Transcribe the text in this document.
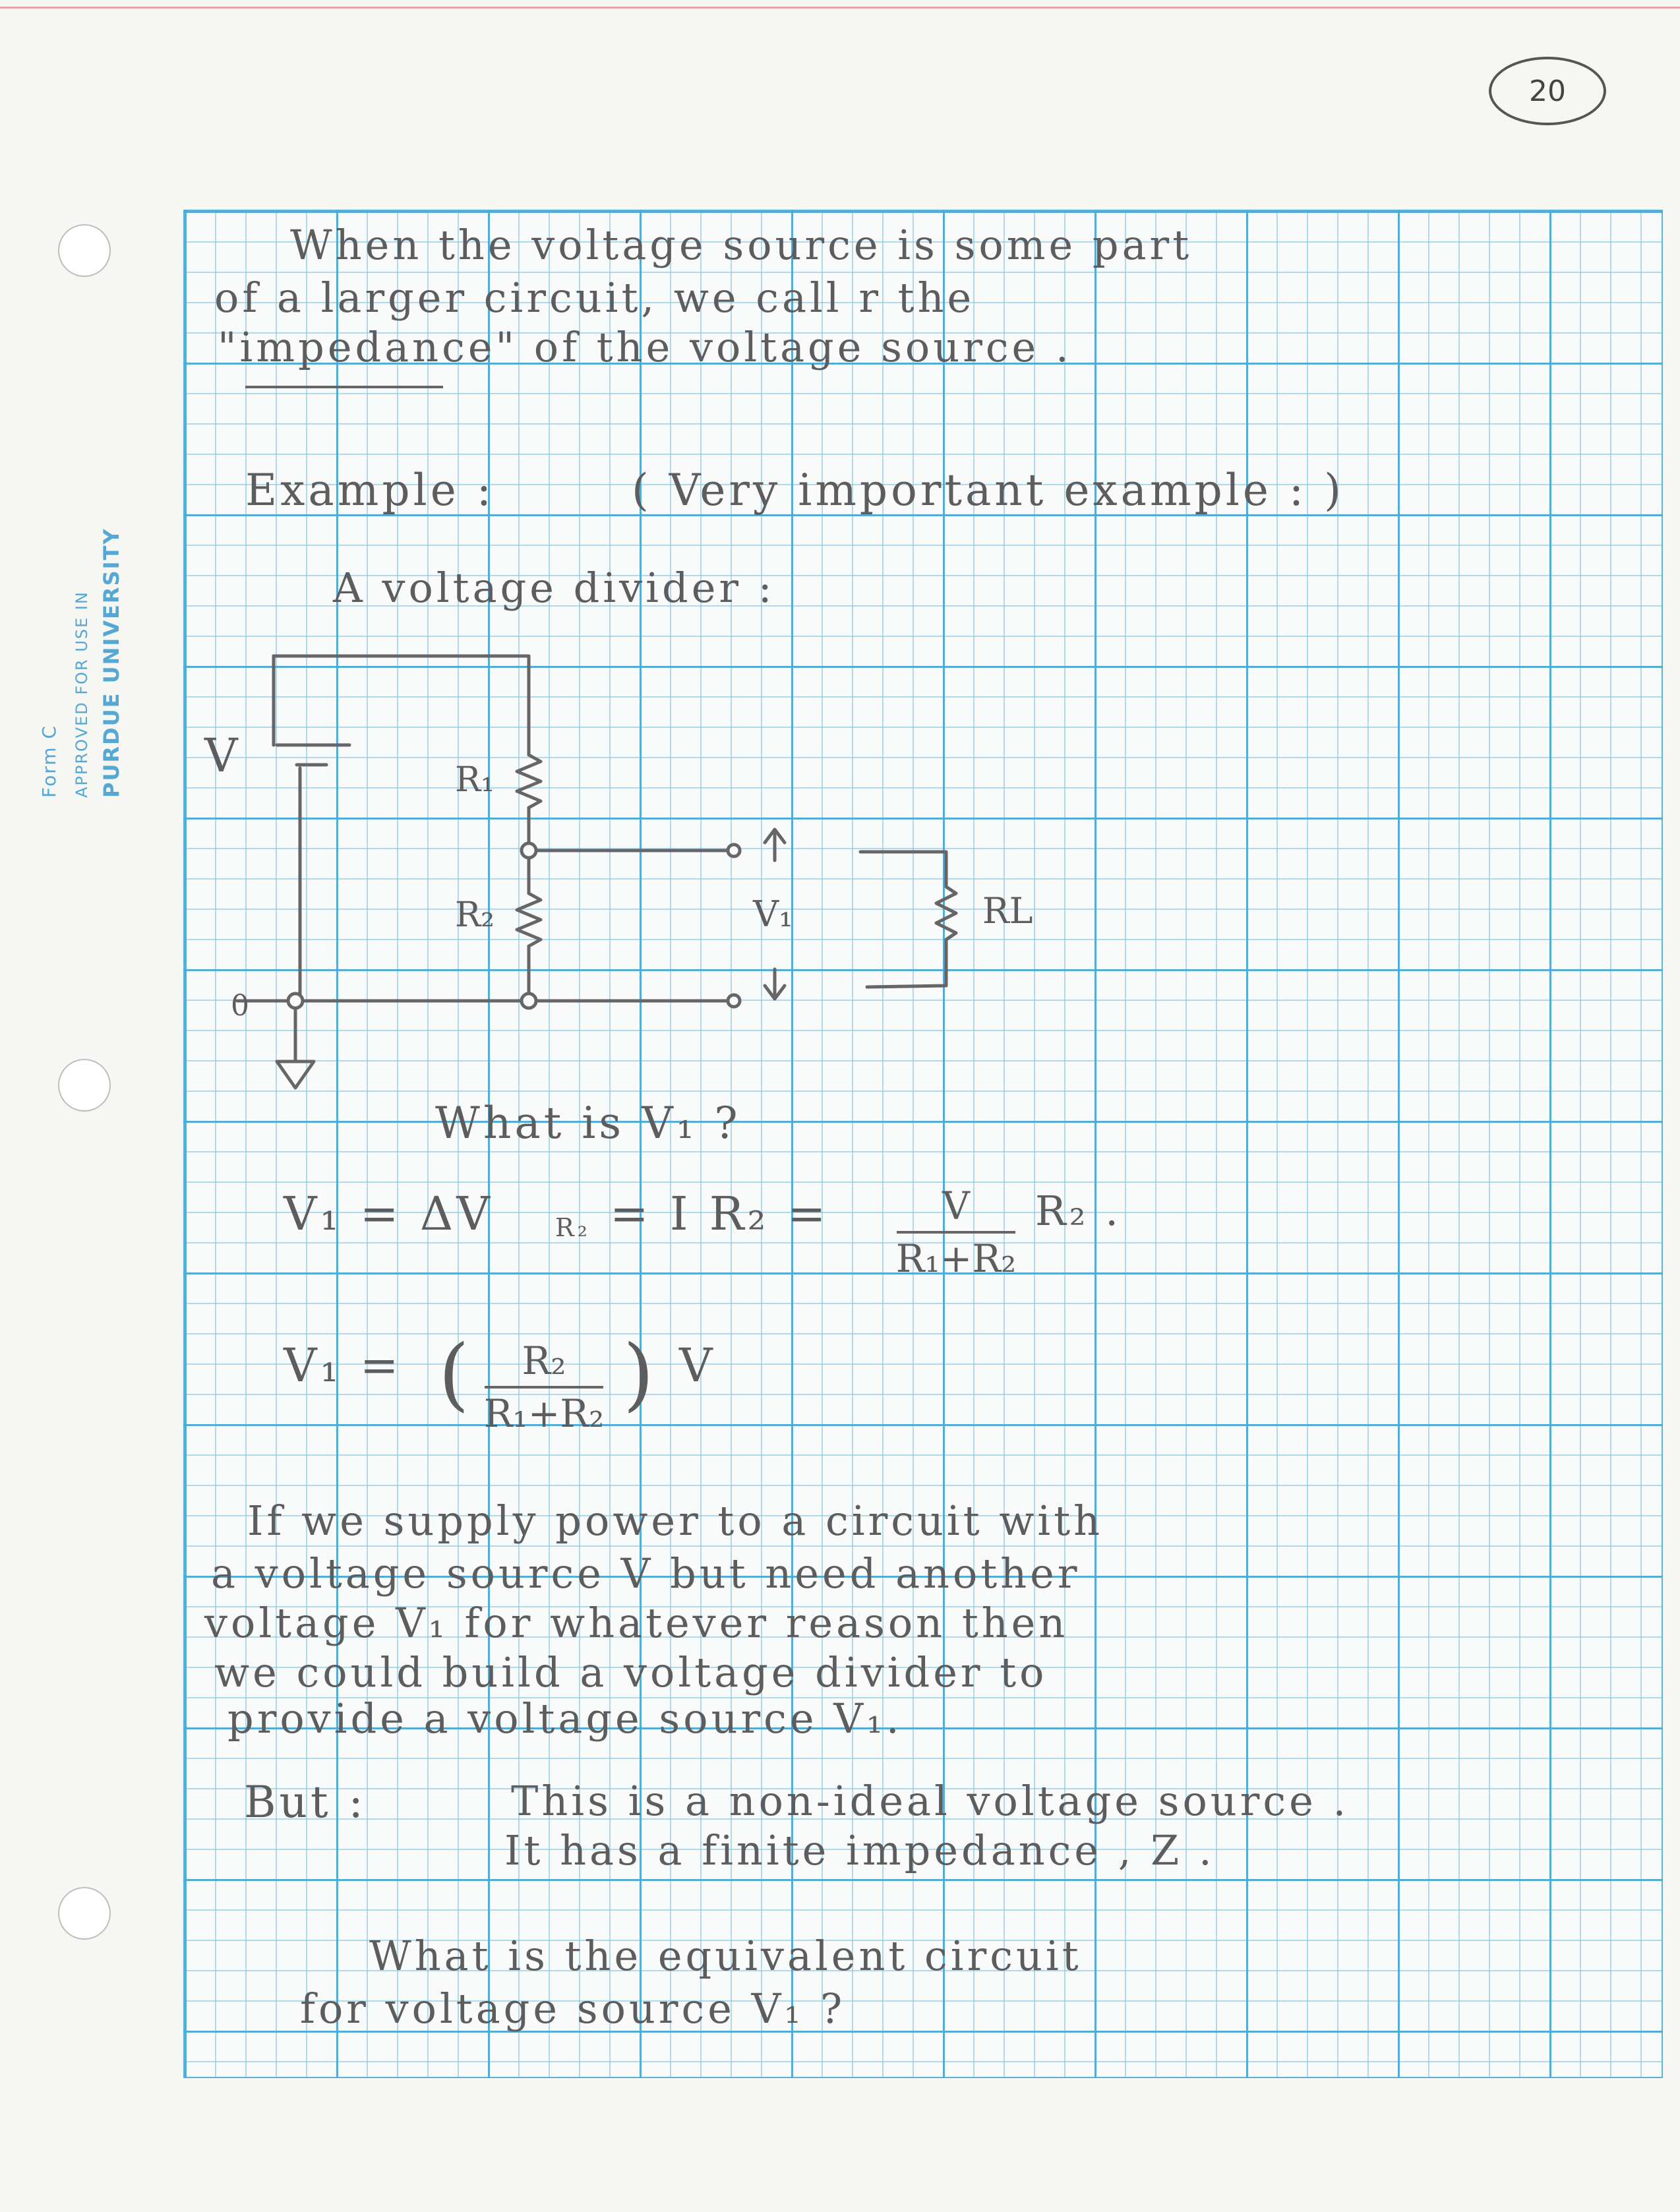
20
Form C APPROVED FOR USE IN PURDUE UNIVERSITY
When the voltage source is some part
of a larger circuit, we call r the
"impedance" of the voltage source .
Example :	( Very important example : )
A voltage divider :
V	R₁
R₂	V₁	RL
0
What is V₁ ?
V₁ = ΔV R₂ = I R₂ =	V
R₁+R₂
R₂ .
V₁ = ( R₂
R₁+R₂ ) V
If we supply power to a circuit with
a voltage source V but need another
voltage V₁ for whatever reason then
we could build a voltage divider to
provide a voltage source V₁.
But :	This is a non-ideal voltage source .
It has a finite impedance , Z .
What is the equivalent circuit
for voltage source V₁ ?
